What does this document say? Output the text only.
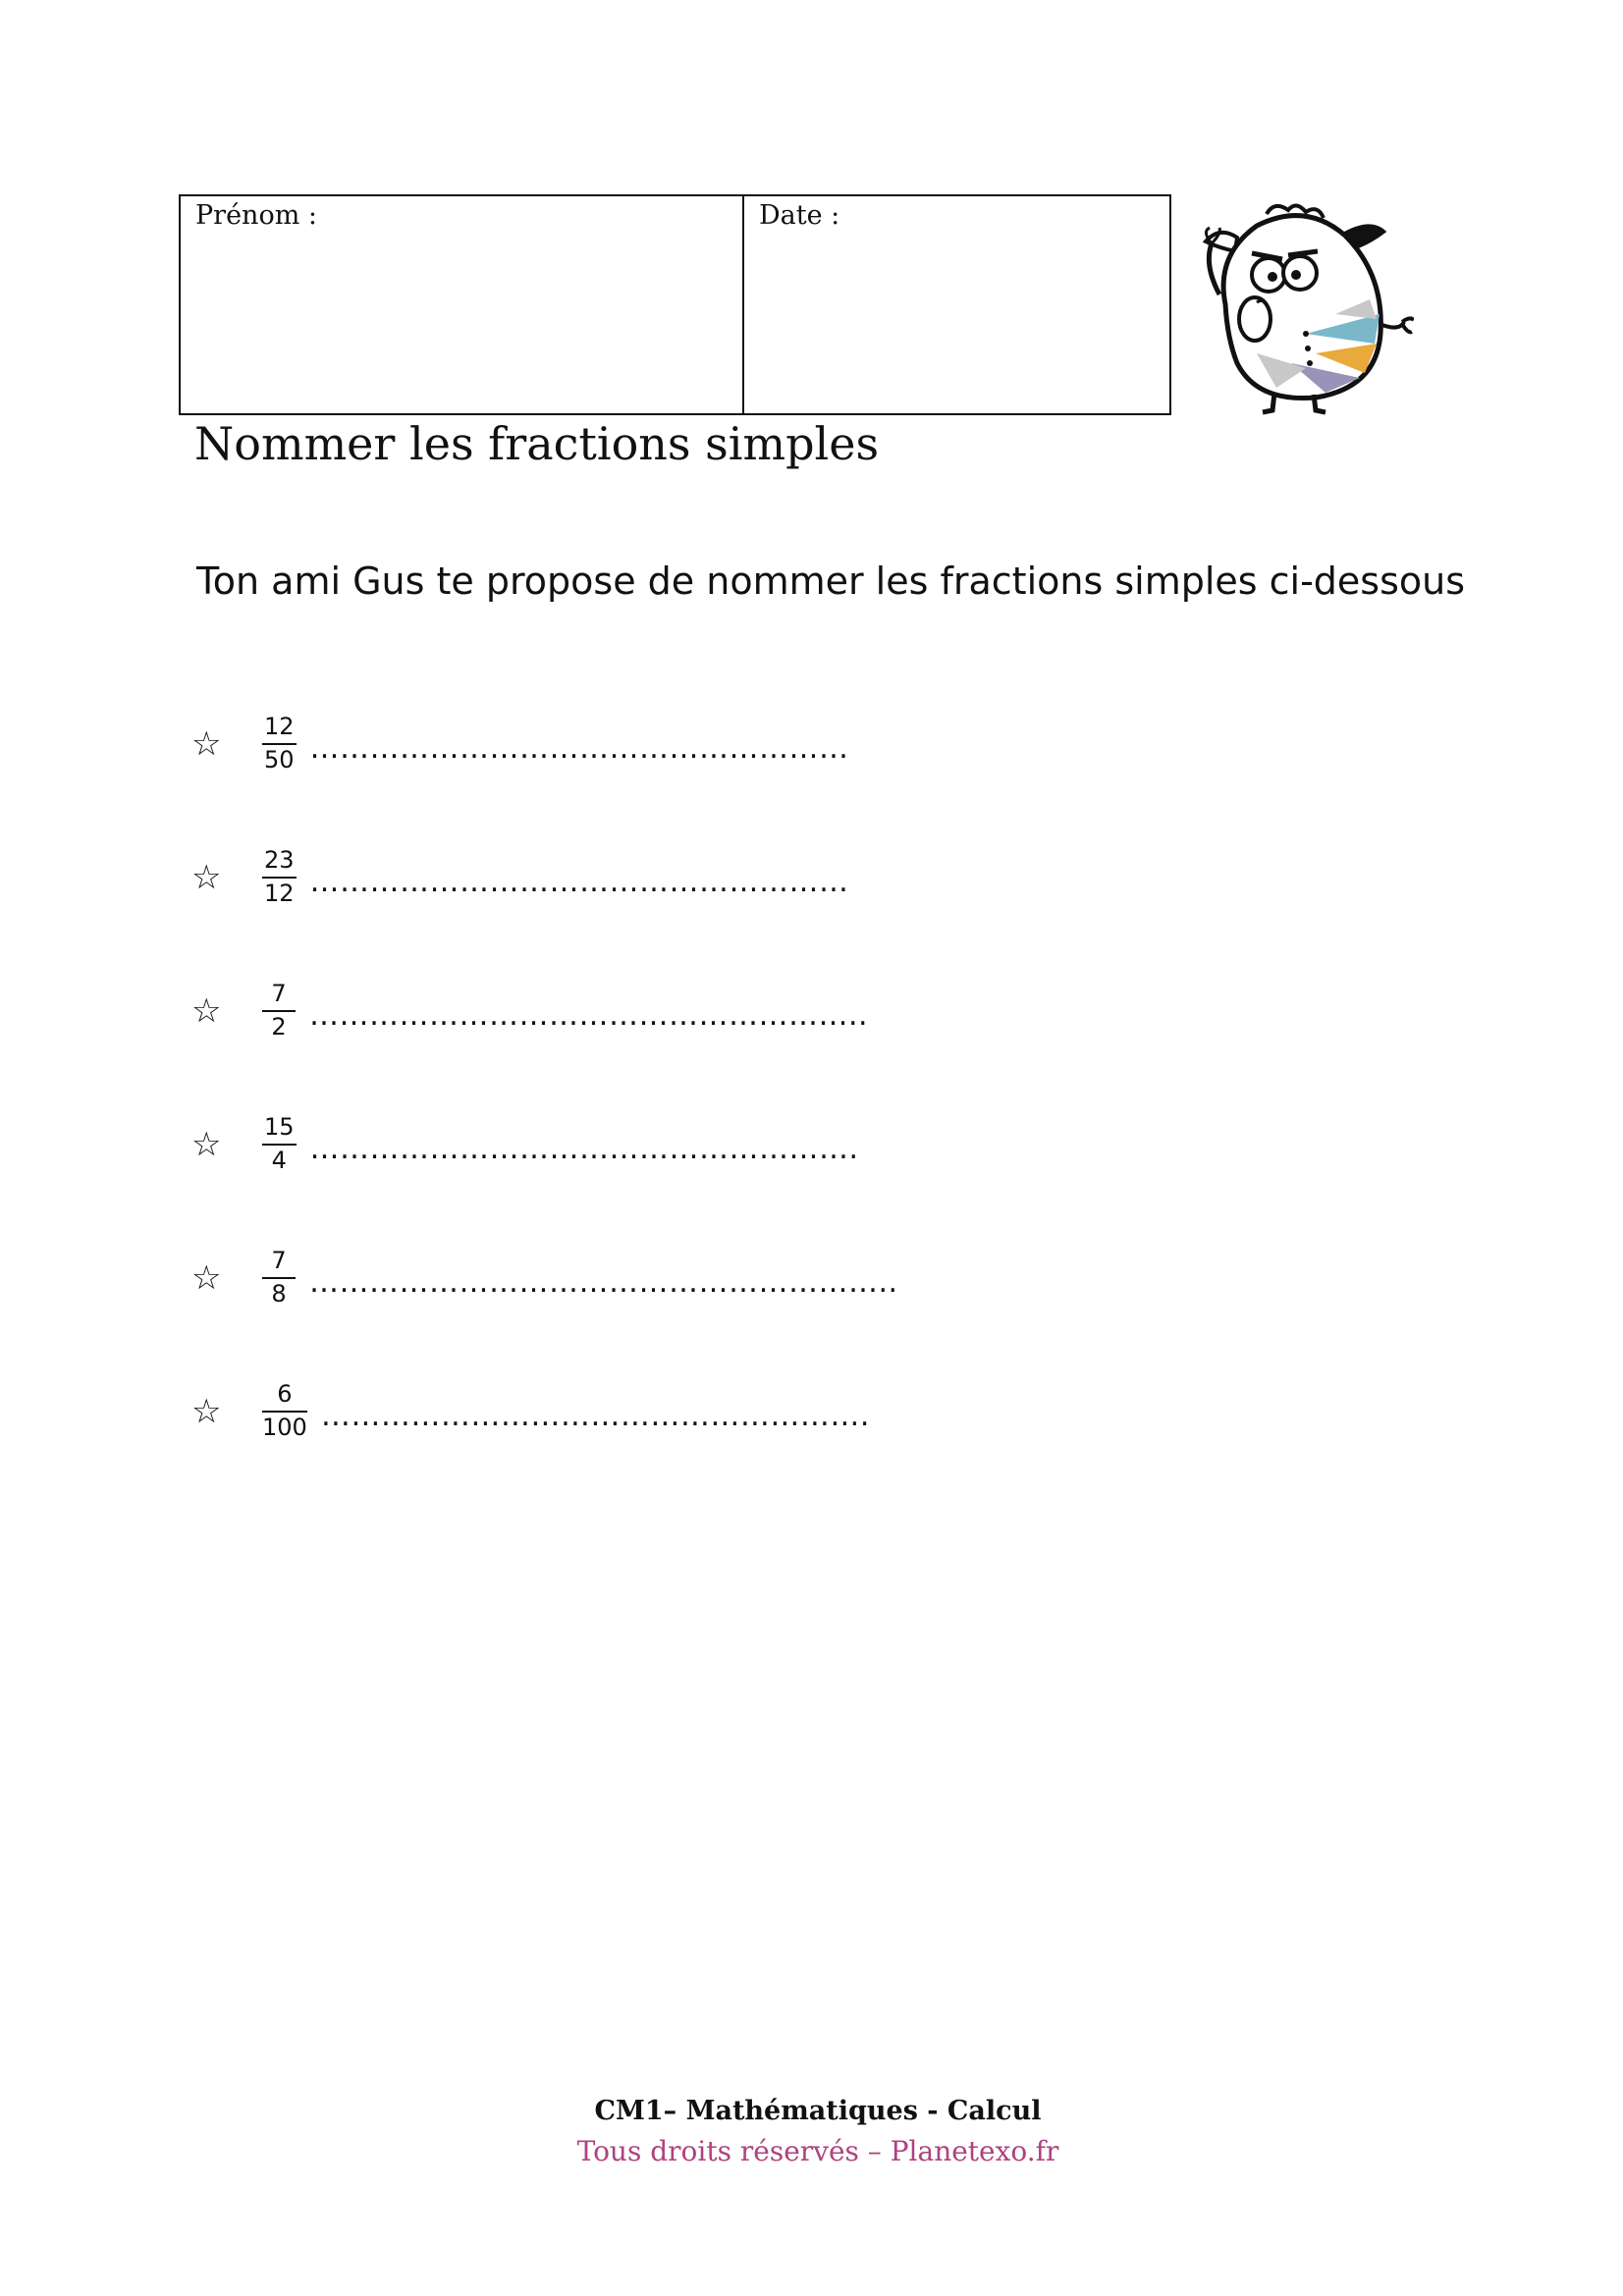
Prénom :	Date :
Nommer les fractions simples
Ton ami Gus te propose de nommer les fractions simples ci-dessous
☆	$\frac{12}{50}$ ………………………………………………
☆	$\frac{23}{12}$ ………………………………………………
☆	$\frac{7}{2}$ ………………………………………………..
☆	$\frac{15}{4}$ ……………………………………………….
☆	$\frac{7}{8}$ …………………………………………………..
☆	$\frac{6}{100}$ ……………………………………………….
CM1– Mathématiques - Calcul
Tous droits réservés – Planetexo.fr
